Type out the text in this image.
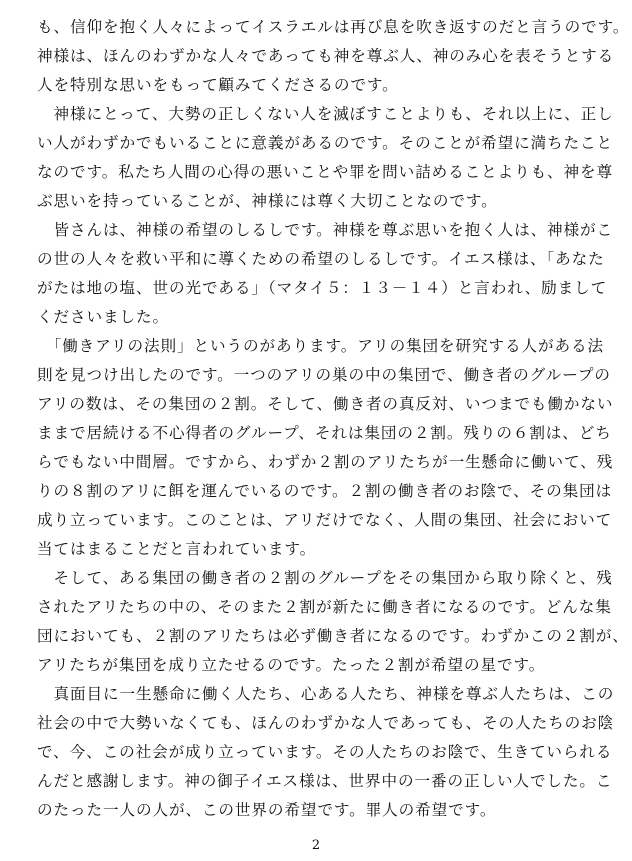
も、信仰を抱く人々によってイスラエルは再び息を吹き返すのだと言うのです。
神様は、ほんのわずかな人々であっても神を尊ぶ人、神のみ心を表そうとする
人を特別な思いをもって顧みてくださるのです。
　神様にとって、大勢の正しくない人を滅ぼすことよりも、それ以上に、正し
い人がわずかでもいることに意義があるのです。そのことが希望に満ちたこと
なのです。私たち人間の心得の悪いことや罪を問い詰めることよりも、神を尊
ぶ思いを持っていることが、神様には尊く大切ことなのです。
　皆さんは、神様の希望のしるしです。神様を尊ぶ思いを抱く人は、神様がこ
の世の人々を救い平和に導くための希望のしるしです。イエス様は、「あなた
がたは地の塩、世の光である」（マタイ５：１３－１４）と言われ、励まして
くださいました。
　「働きアリの法則」というのがあります。アリの集団を研究する人がある法
則を見つけ出したのです。一つのアリの巣の中の集団で、働き者のグループの
アリの数は、その集団の２割。そして、働き者の真反対、いつまでも働かない
ままで居続ける不心得者のグループ、それは集団の２割。残りの６割は、どち
らでもない中間層。ですから、わずか２割のアリたちが一生懸命に働いて、残
りの８割のアリに餌を運んでいるのです。２割の働き者のお陰で、その集団は
成り立っています。このことは、アリだけでなく、人間の集団、社会において
当てはまることだと言われています。
　そして、ある集団の働き者の２割のグループをその集団から取り除くと、残
されたアリたちの中の、そのまた２割が新たに働き者になるのです。どんな集
団においても、２割のアリたちは必ず働き者になるのです。わずかこの２割が、
アリたちが集団を成り立たせるのです。たった２割が希望の星です。
　真面目に一生懸命に働く人たち、心ある人たち、神様を尊ぶ人たちは、この
社会の中で大勢いなくても、ほんのわずかな人であっても、その人たちのお陰
で、今、この社会が成り立っています。その人たちのお陰で、生きていられる
んだと感謝します。神の御子イエス様は、世界中の一番の正しい人でした。こ
のたった一人の人が、この世界の希望です。罪人の希望です。
2
